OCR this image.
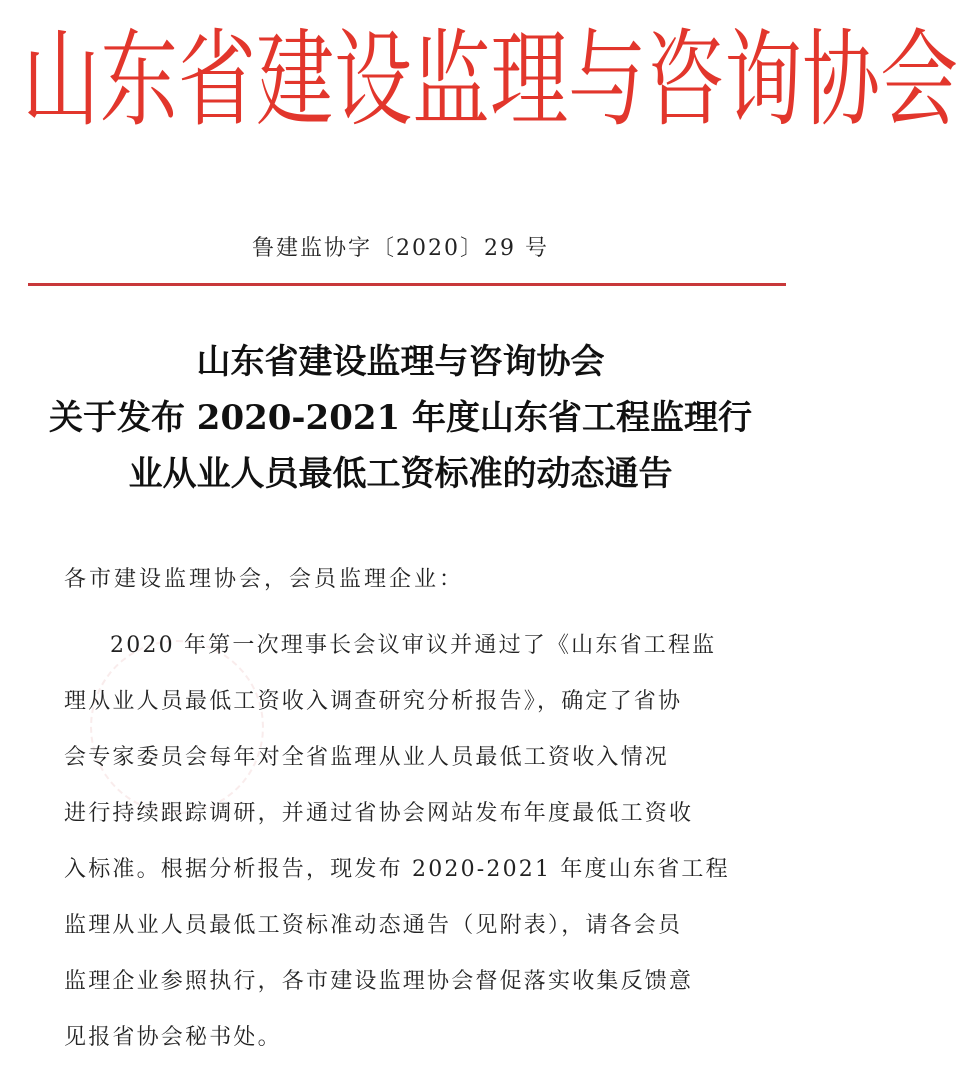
山 东 省 建 设 监 理 与 咨 询 协 会
鲁建监协字〔2020〕29 号
山东省建设监理与咨询协会
关于发布 2020-2021 年度山东省工程监理行
业从业人员最低工资标准的动态通告
各市建设监理协会，会员监理企业：
2020 年第一次理事长会议审议并通过了《山东省工程监
理从业人员最低工资收入调查研究分析报告》，确定了省协
会专家委员会每年对全省监理从业人员最低工资收入情况
进行持续跟踪调研，并通过省协会网站发布年度最低工资收
入标准。根据分析报告，现发布 2020-2021 年度山东省工程
监理从业人员最低工资标准动态通告（见附表），请各会员
监理企业参照执行，各市建设监理协会督促落实收集反馈意
见报省协会秘书处。
